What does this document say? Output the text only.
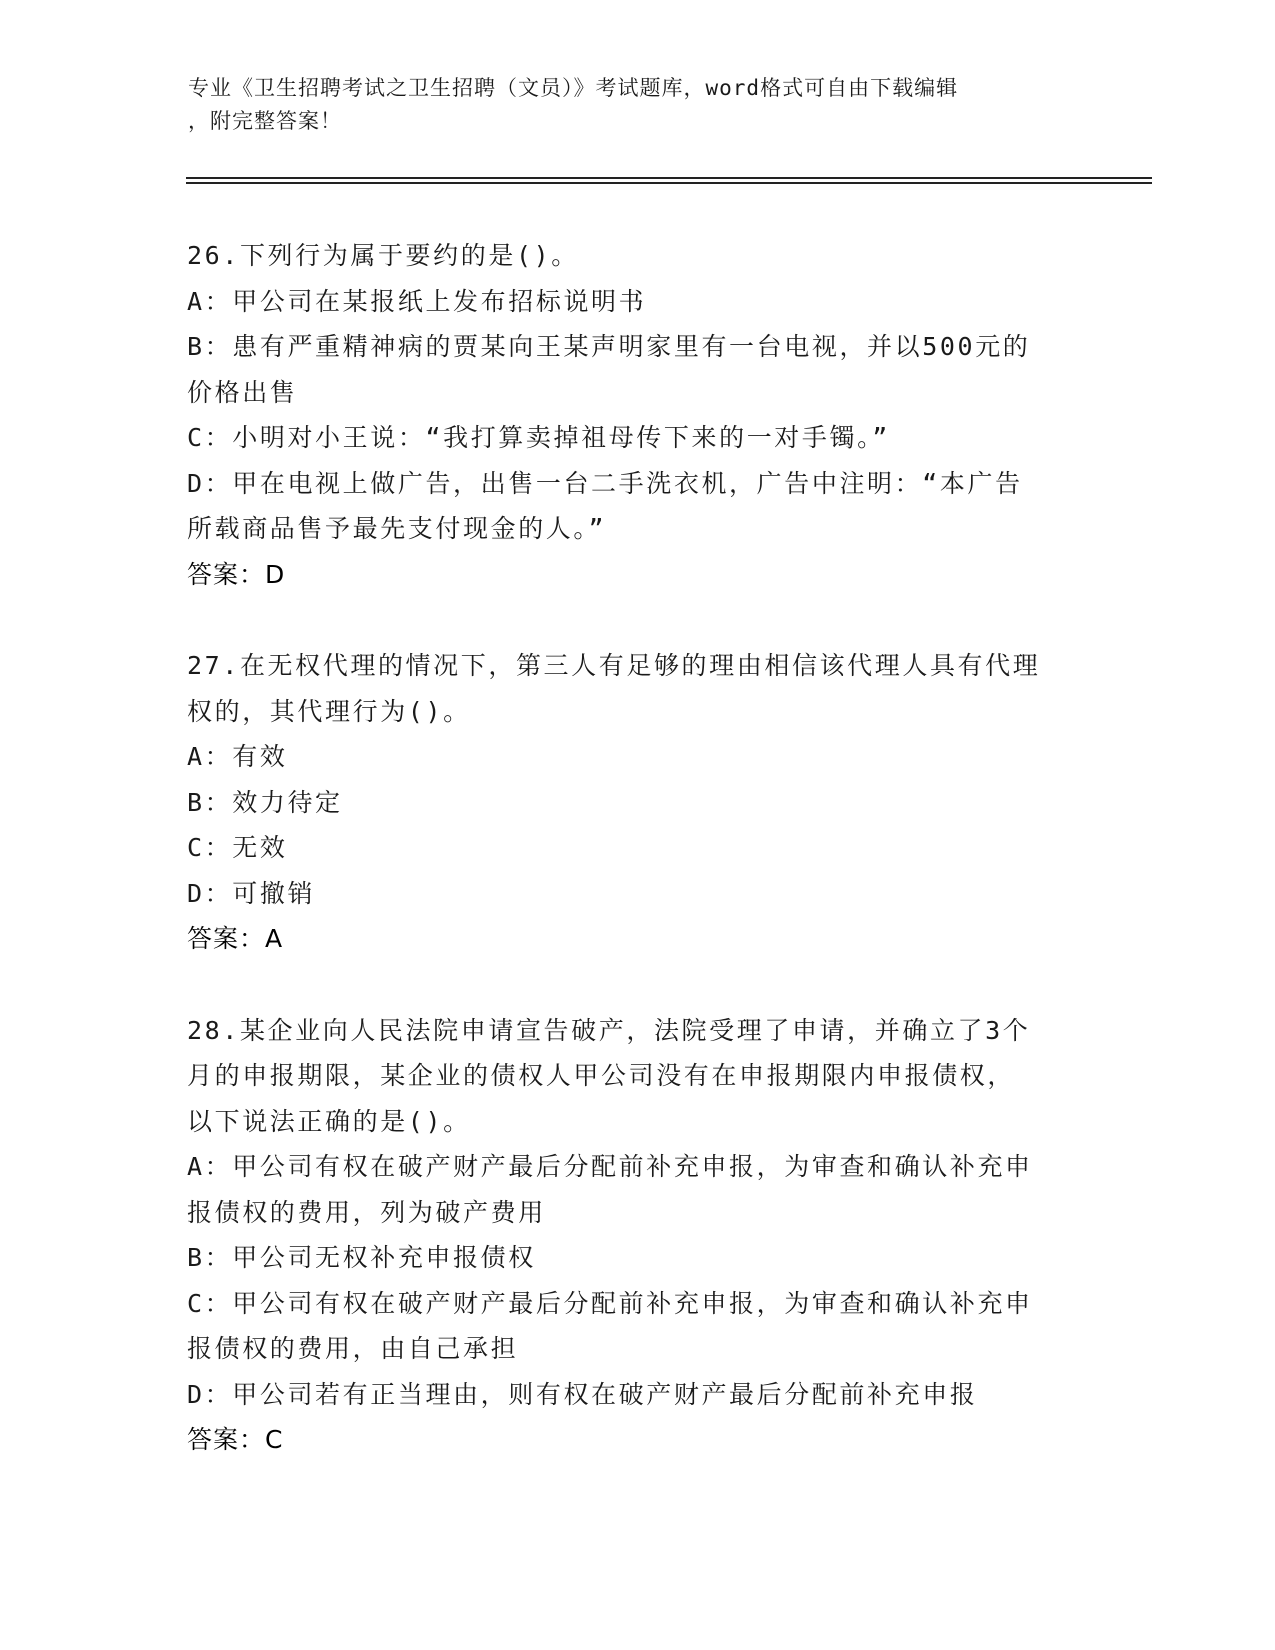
专业《卫生招聘考试之卫生招聘（文员）》考试题库，word格式可自由下载编辑
，附完整答案！
26.下列行为属于要约的是()。
A：甲公司在某报纸上发布招标说明书
B：患有严重精神病的贾某向王某声明家里有一台电视，并以500元的
价格出售
C：小明对小王说：“我打算卖掉祖母传下来的一对手镯。”
D：甲在电视上做广告，出售一台二手洗衣机，广告中注明：“本广告
所载商品售予最先支付现金的人。”
答案：D
27.在无权代理的情况下，第三人有足够的理由相信该代理人具有代理
权的，其代理行为()。
A：有效
B：效力待定
C：无效
D：可撤销
答案：A
28.某企业向人民法院申请宣告破产，法院受理了申请，并确立了3个
月的申报期限，某企业的债权人甲公司没有在申报期限内申报债权，
以下说法正确的是()。
A：甲公司有权在破产财产最后分配前补充申报，为审查和确认补充申
报债权的费用，列为破产费用
B：甲公司无权补充申报债权
C：甲公司有权在破产财产最后分配前补充申报，为审查和确认补充申
报债权的费用，由自己承担
D：甲公司若有正当理由，则有权在破产财产最后分配前补充申报
答案：C
